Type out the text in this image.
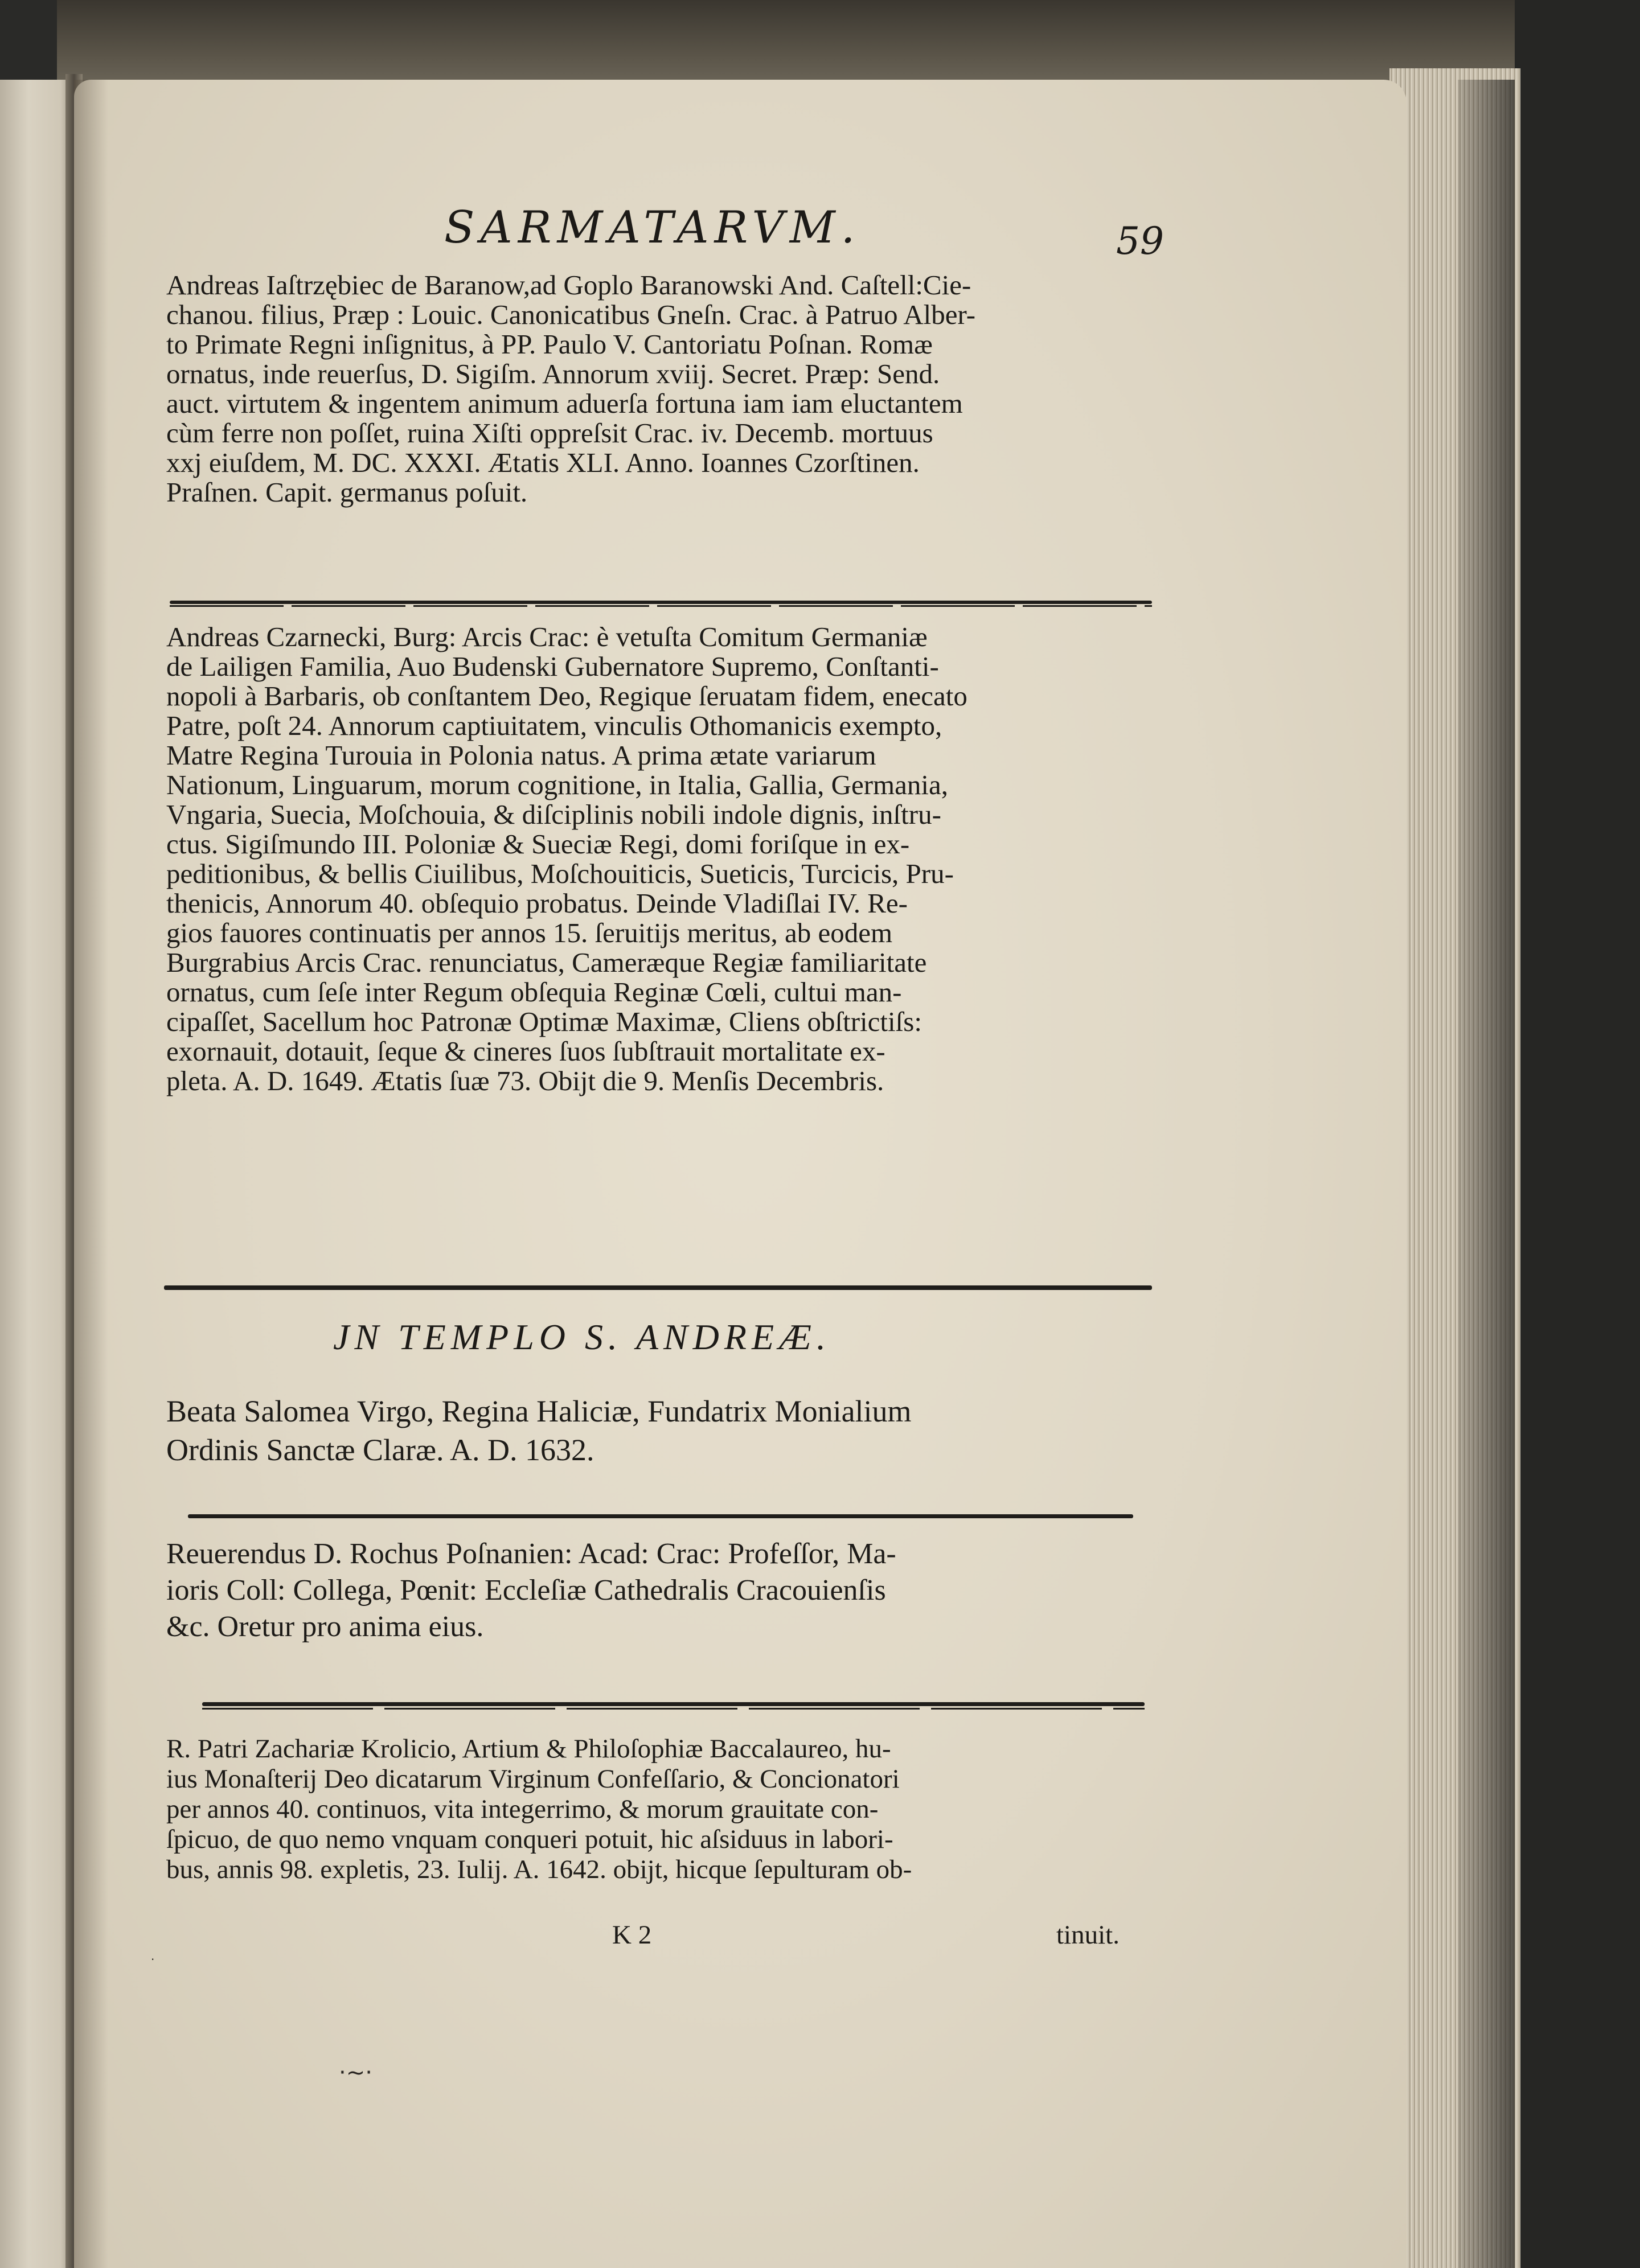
SARMATARVM.	59
Andreas Iaſtrzębiec de Baranow,ad Goplo Baranowski And. Caſtell:Cie-
chanou. filius, Præp : Louic. Canonicatibus Gneſn. Crac. à Patruo Alber-
to Primate Regni inſignitus, à PP. Paulo V. Cantoriatu Poſnan. Romæ
ornatus, inde reuerſus, D. Sigiſm. Annorum xviij. Secret. Præp: Send.
auct. virtutem & ingentem animum aduerſa fortuna iam iam eluctantem
cùm ferre non poſſet, ruina Xiſti oppreſsit Crac. iv. Decemb. mortuus
xxj eiuſdem, M. DC. XXXI. Ætatis XLI. Anno. Ioannes Czorſtinen.
Praſnen. Capit. germanus poſuit.
Andreas Czarnecki, Burg: Arcis Crac: è vetuſta Comitum Germaniæ
de Lailigen Familia, Auo Budenski Gubernatore Supremo, Conſtanti-
nopoli à Barbaris, ob conſtantem Deo, Regique ſeruatam fidem, enecato
Patre, poſt 24. Annorum captiuitatem, vinculis Othomanicis exempto,
Matre Regina Turouia in Polonia natus. A prima ætate variarum
Nationum, Linguarum, morum cognitione, in Italia, Gallia, Germania,
Vngaria, Suecia, Moſchouia, & diſciplinis nobili indole dignis, inſtru-
ctus. Sigiſmundo III. Poloniæ & Sueciæ Regi, domi foriſque in ex-
peditionibus, & bellis Ciuilibus, Moſchouiticis, Sueticis, Turcicis, Pru-
thenicis, Annorum 40. obſequio probatus. Deinde Vladiſlai IV. Re-
gios fauores continuatis per annos 15. ſeruitijs meritus, ab eodem
Burgrabius Arcis Crac. renunciatus, Cameræque Regiæ familiaritate
ornatus, cum ſeſe inter Regum obſequia Reginæ Cœli, cultui man-
cipaſſet, Sacellum hoc Patronæ Optimæ Maximæ, Cliens obſtrictiſs:
exornauit, dotauit, ſeque & cineres ſuos ſubſtrauit mortalitate ex-
pleta. A. D. 1649. Ætatis ſuæ 73. Obijt die 9. Menſis Decembris.
JN TEMPLO S. ANDREÆ.
Beata Salomea Virgo, Regina Haliciæ, Fundatrix Monialium
Ordinis Sanctæ Claræ. A. D. 1632.
Reuerendus D. Rochus Poſnanien: Acad: Crac: Profeſſor, Ma-
ioris Coll: Collega, Pœnit: Eccleſiæ Cathedralis Cracouienſis
&c. Oretur pro anima eius.
R. Patri Zachariæ Krolicio, Artium & Philoſophiæ Baccalaureo, hu-
ius Monaſterij Deo dicatarum Virginum Confeſſario, & Concionatori
per annos 40. continuos, vita integerrimo, & morum grauitate con-
ſpicuo, de quo nemo vnquam conqueri potuit, hic aſsiduus in labori-
bus, annis 98. expletis, 23. Iulij. A. 1642. obijt, hicque ſepulturam ob-
K 2	tinuit.
·~·
·
